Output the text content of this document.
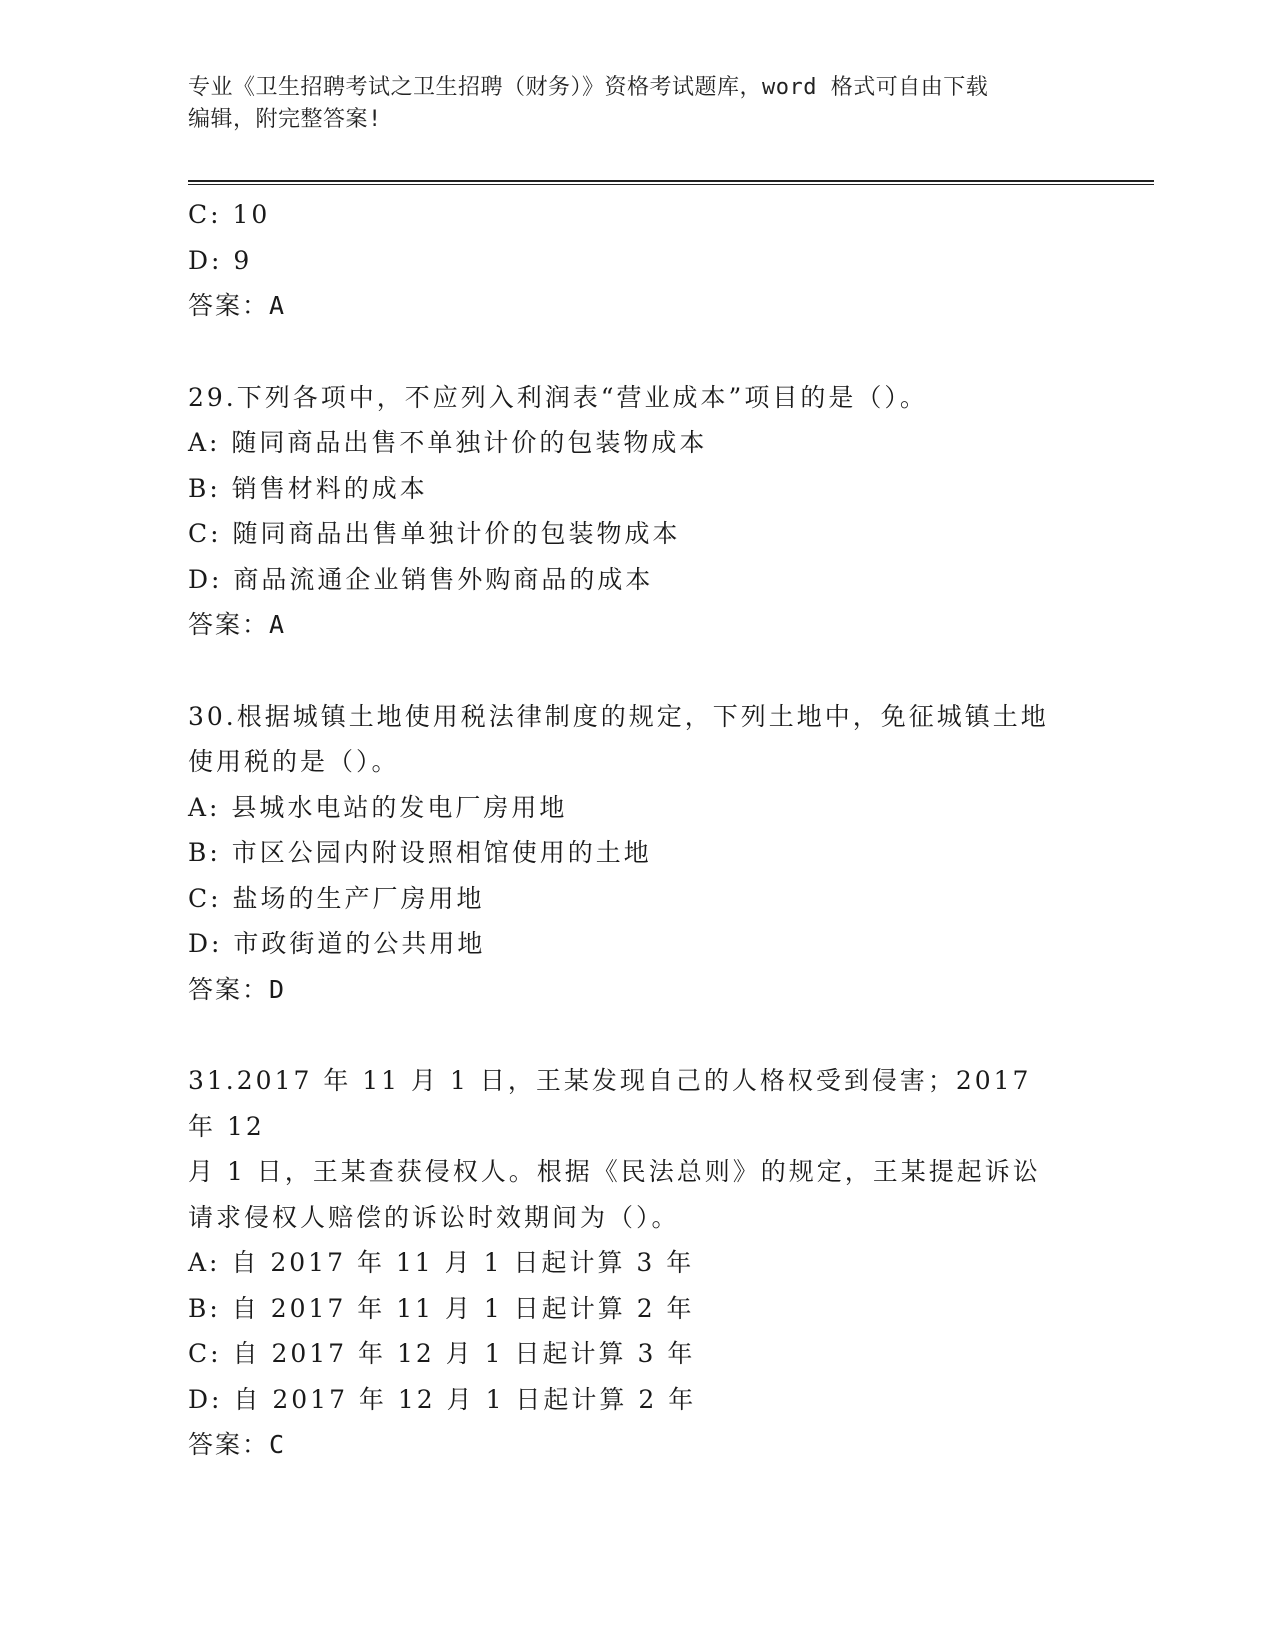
专业《卫生招聘考试之卫生招聘（财务）》资格考试题库，word 格式可自由下载
编辑，附完整答案!
C: 10
D: 9
答案：A
29.下列各项中，不应列入利润表“营业成本”项目的是（）。
A: 随同商品出售不单独计价的包装物成本
B: 销售材料的成本
C: 随同商品出售单独计价的包装物成本
D: 商品流通企业销售外购商品的成本
答案：A
30.根据城镇土地使用税法律制度的规定，下列土地中，免征城镇土地
使用税的是（）。
A: 县城水电站的发电厂房用地
B: 市区公园内附设照相馆使用的土地
C: 盐场的生产厂房用地
D: 市政街道的公共用地
答案：D
31.2017 年 11 月 1 日，王某发现自己的人格权受到侵害；2017 年 12
月 1 日，王某查获侵权人。根据《民法总则》的规定，王某提起诉讼
请求侵权人赔偿的诉讼时效期间为（）。
A: 自 2017 年 11 月 1 日起计算 3 年
B: 自 2017 年 11 月 1 日起计算 2 年
C: 自 2017 年 12 月 1 日起计算 3 年
D: 自 2017 年 12 月 1 日起计算 2 年
答案：C
